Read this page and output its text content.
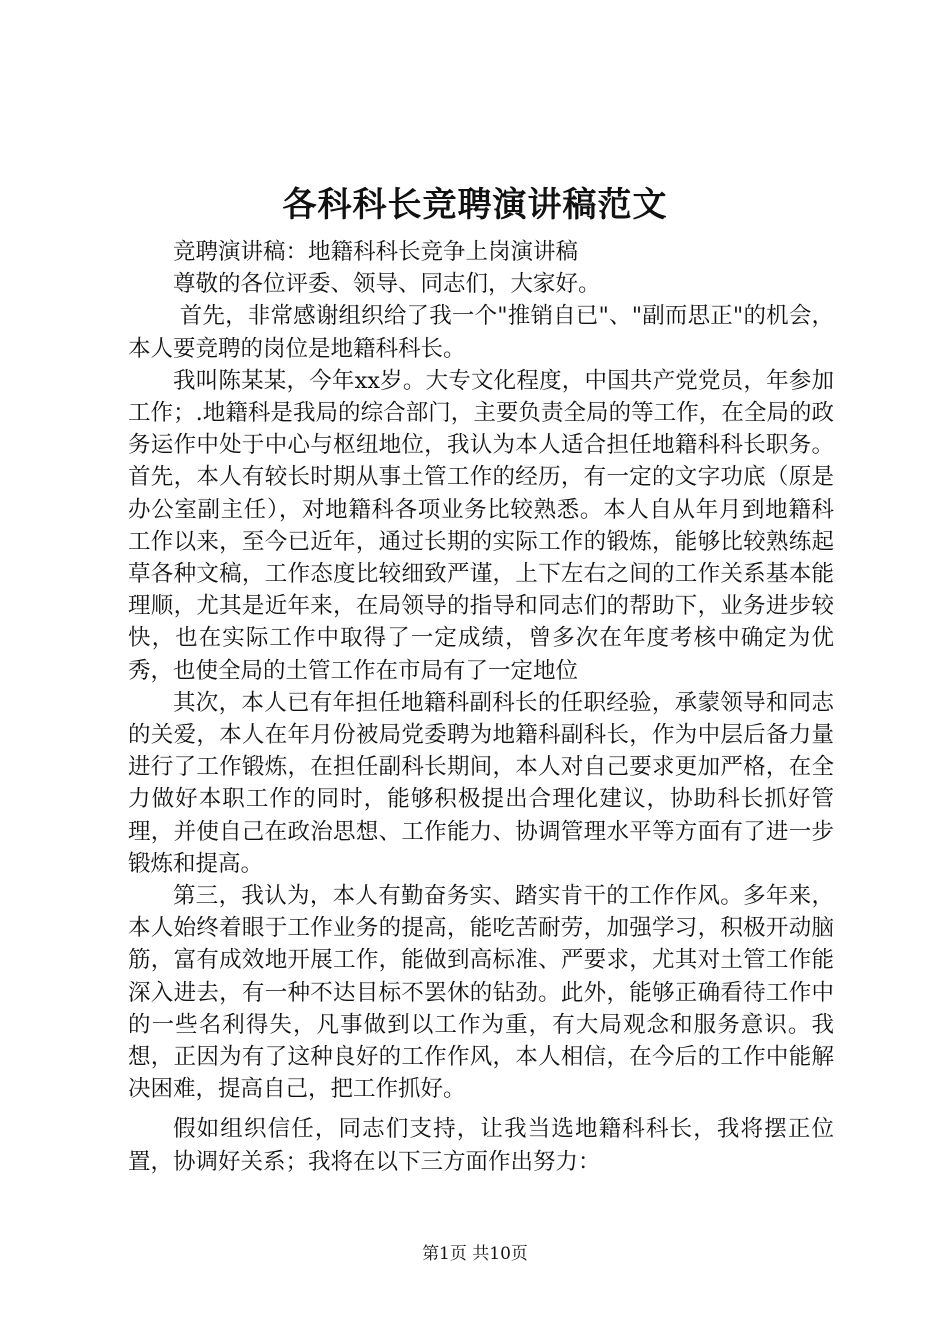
各科科长竞聘演讲稿范文

竞聘演讲稿：地籍科科长竞争上岗演讲稿

尊敬的各位评委、领导、同志们，大家好。

首先，非常感谢组织给了我一个"推销自已"、"副而思正"的机会，本人要竞聘的岗位是地籍科科长。

我叫陈某某，今年xx岁。大专文化程度，中国共产党党员，年参加工作；.地籍科是我局的综合部门，主要负责全局的等工作，在全局的政务运作中处于中心与枢纽地位，我认为本人适合担任地籍科科长职务。首先，本人有较长时期从事土管工作的经历，有一定的文字功底（原是办公室副主任），对地籍科各项业务比较熟悉。本人自从年月到地籍科工作以来，至今已近年，通过长期的实际工作的锻炼，能够比较熟练起草各种文稿，工作态度比较细致严谨，上下左右之间的工作关系基本能理顺，尤其是近年来，在局领导的指导和同志们的帮助下，业务进步较快，也在实际工作中取得了一定成绩，曾多次在年度考核中确定为优秀，也使全局的土管工作在市局有了一定地位

其次，本人已有年担任地籍科副科长的任职经验，承蒙领导和同志的关爱，本人在年月份被局党委聘为地籍科副科长，作为中层后备力量进行了工作锻炼，在担任副科长期间，本人对自己要求更加严格，在全力做好本职工作的同时，能够积极提出合理化建议，协助科长抓好管理，并使自己在政治思想、工作能力、协调管理水平等方面有了进一步锻炼和提高。

第三，我认为，本人有勤奋务实、踏实肯干的工作作风。多年来，本人始终着眼于工作业务的提高，能吃苦耐劳，加强学习，积极开动脑筋，富有成效地开展工作，能做到高标准、严要求，尤其对土管工作能深入进去，有一种不达目标不罢休的钻劲。此外，能够正确看待工作中的一些名利得失，凡事做到以工作为重，有大局观念和服务意识。我想，正因为有了这种良好的工作作风，本人相信，在今后的工作中能解决困难，提高自己，把工作抓好。

假如组织信任，同志们支持，让我当选地籍科科长，我将摆正位置，协调好关系；我将在以下三方面作出努力：

第1页 共10页
